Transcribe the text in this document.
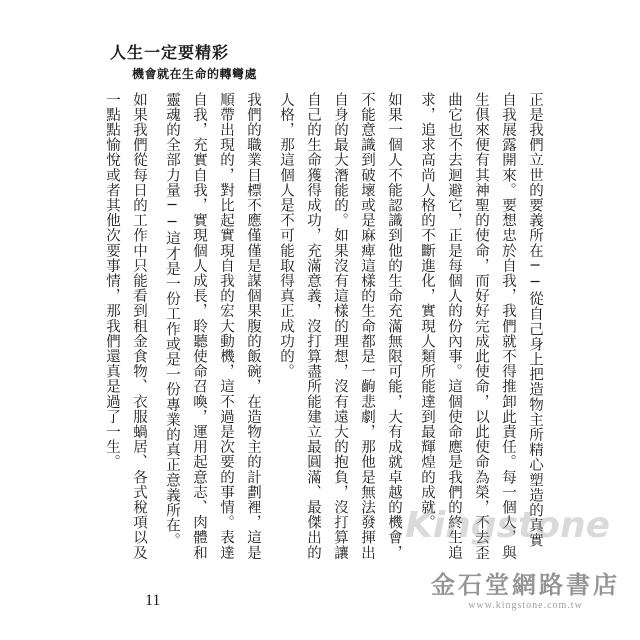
人生一定要精彩
機會就在生命的轉彎處

正是我們立世的要義所在──從自己身上把造物主所精心塑造的真實自我展露開來。要想忠於自我，我們就不得推卸此責任。每一個人，與生俱來便有其神聖的使命，而好好完成此使命，以此使命為榮，不去歪曲它也不去迴避它，正是每個人的份內事。這個使命應是我們的終生追求，追求高尚人格的不斷進化，實現人類所能達到最輝煌的成就。

如果一個人不能認識到他的生命充滿無限可能，大有成就卓越的機會，不能意識到破壞或是麻痺這樣的生命都是一齣悲劇，那他是無法發揮出自身的最大潛能的。如果沒有這樣的理想，沒有遠大的抱負，沒打算讓自己的生命獲得成功，充滿意義，沒打算盡所能建立最圓滿、最傑出的人格，那這個人是不可能取得真正成功的。

我們的職業目標不應僅僅是謀個果腹的飯碗，在造物主的計劃裡，這是順帶出現的，對比起實現自我的宏大動機，這不過是次要的事情。表達自我，充實自我，實現個人成長，聆聽使命召喚，運用起意志、肉體和靈魂的全部力量──這才是一份工作或是一份專業的真正意義所在。

如果我們從每日的工作中只能看到租金食物、衣服蝸居、各式稅項以及一點點愉悅或者其他次要事情，那我們還真是過了一生。

11
Kingstone
金石堂網路書店
www.kingstone.com.tw
